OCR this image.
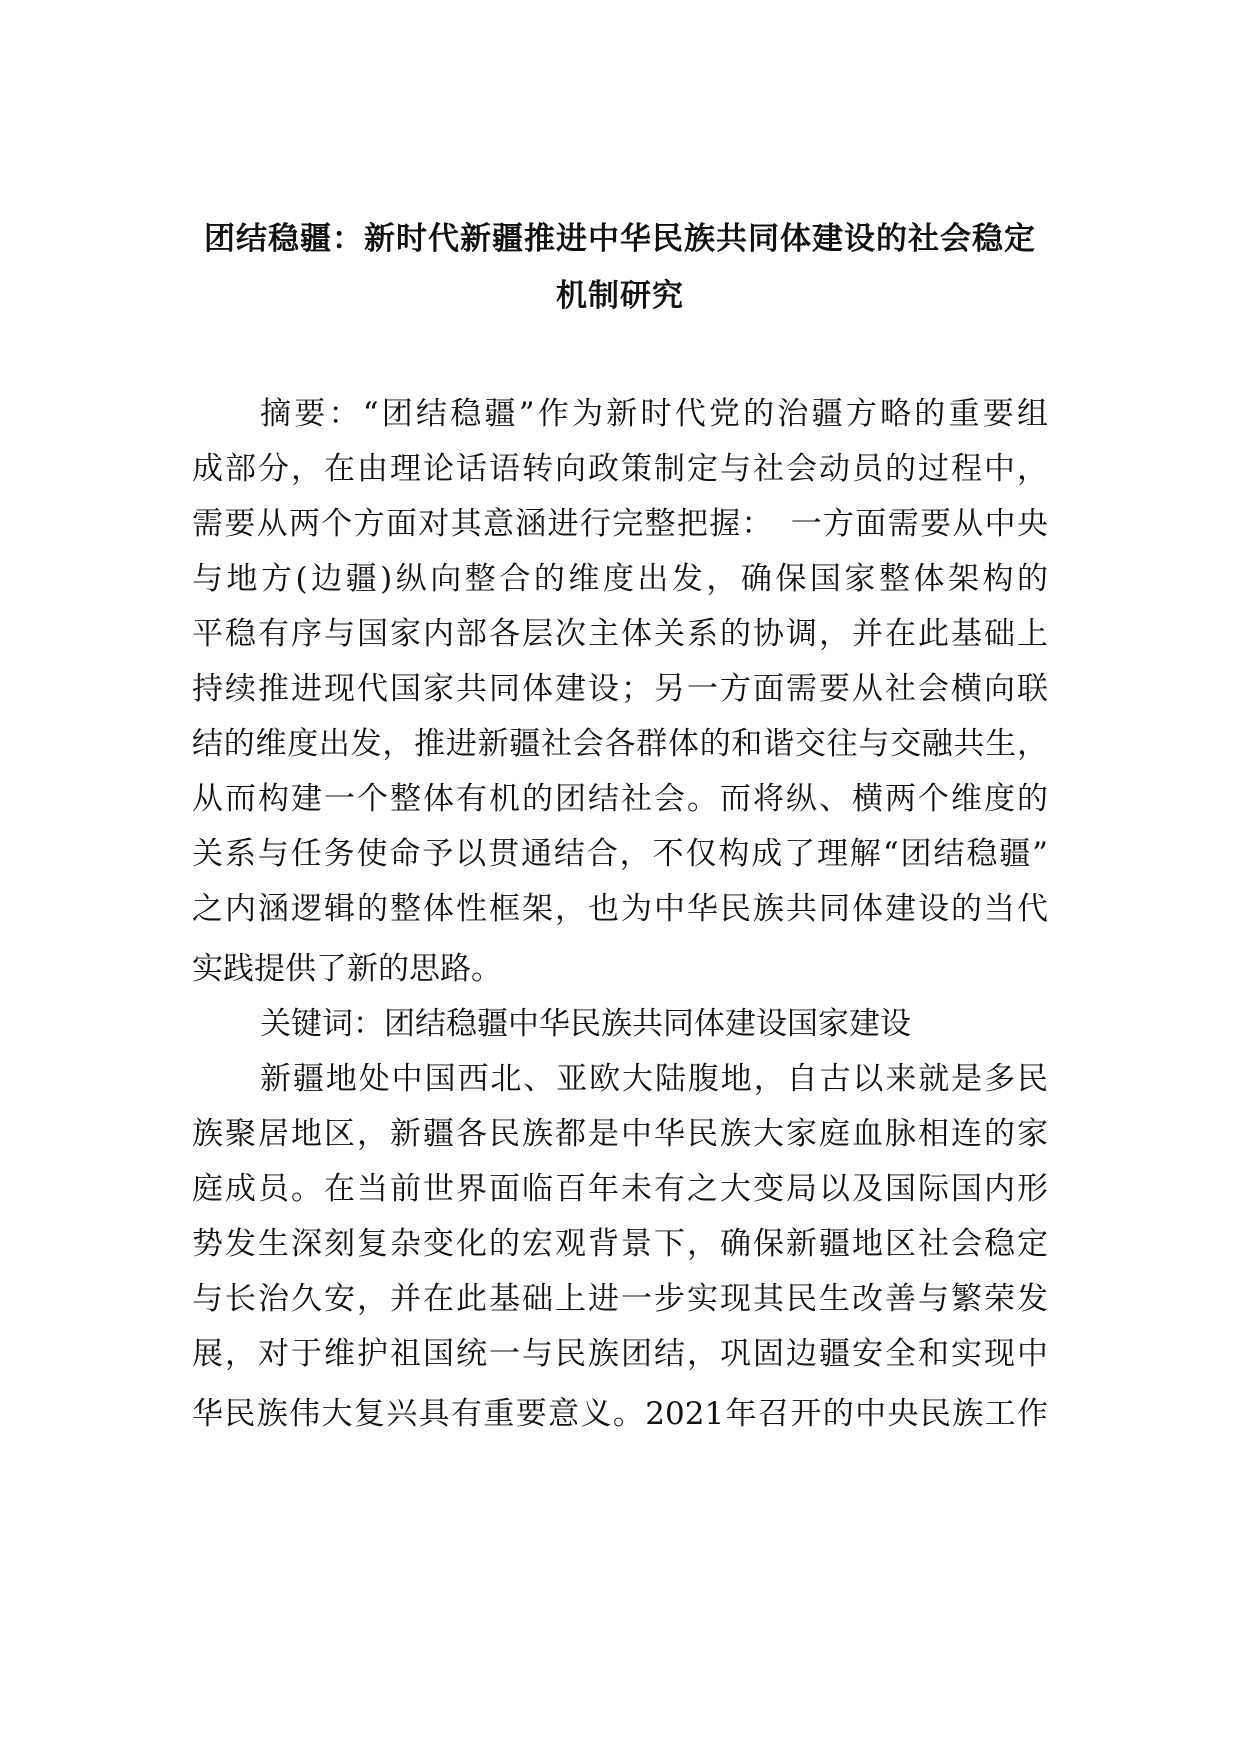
团结稳疆：新时代新疆推进中华民族共同体建设的社会稳定
机制研究

摘要：“团结稳疆”作为新时代党的治疆方略的重要组

成部分，在由理论话语转向政策制定与社会动员的过程中，

需要从两个方面对其意涵进行完整把握：　一方面需要从中央

与地方(边疆)纵向整合的维度出发，确保国家整体架构的

平稳有序与国家内部各层次主体关系的协调，并在此基础上

持续推进现代国家共同体建设；另一方面需要从社会横向联

结的维度出发，推进新疆社会各群体的和谐交往与交融共生，

从而构建一个整体有机的团结社会。而将纵、横两个维度的

关系与任务使命予以贯通结合，不仅构成了理解“团结稳疆”

之内涵逻辑的整体性框架，也为中华民族共同体建设的当代

实践提供了新的思路。

关键词：团结稳疆中华民族共同体建设国家建设

新疆地处中国西北、亚欧大陆腹地，自古以来就是多民

族聚居地区，新疆各民族都是中华民族大家庭血脉相连的家

庭成员。在当前世界面临百年未有之大变局以及国际国内形

势发生深刻复杂变化的宏观背景下，确保新疆地区社会稳定

与长治久安，并在此基础上进一步实现其民生改善与繁荣发

展，对于维护祖国统一与民族团结，巩固边疆安全和实现中

华民族伟大复兴具有重要意义。2021年召开的中央民族工作
